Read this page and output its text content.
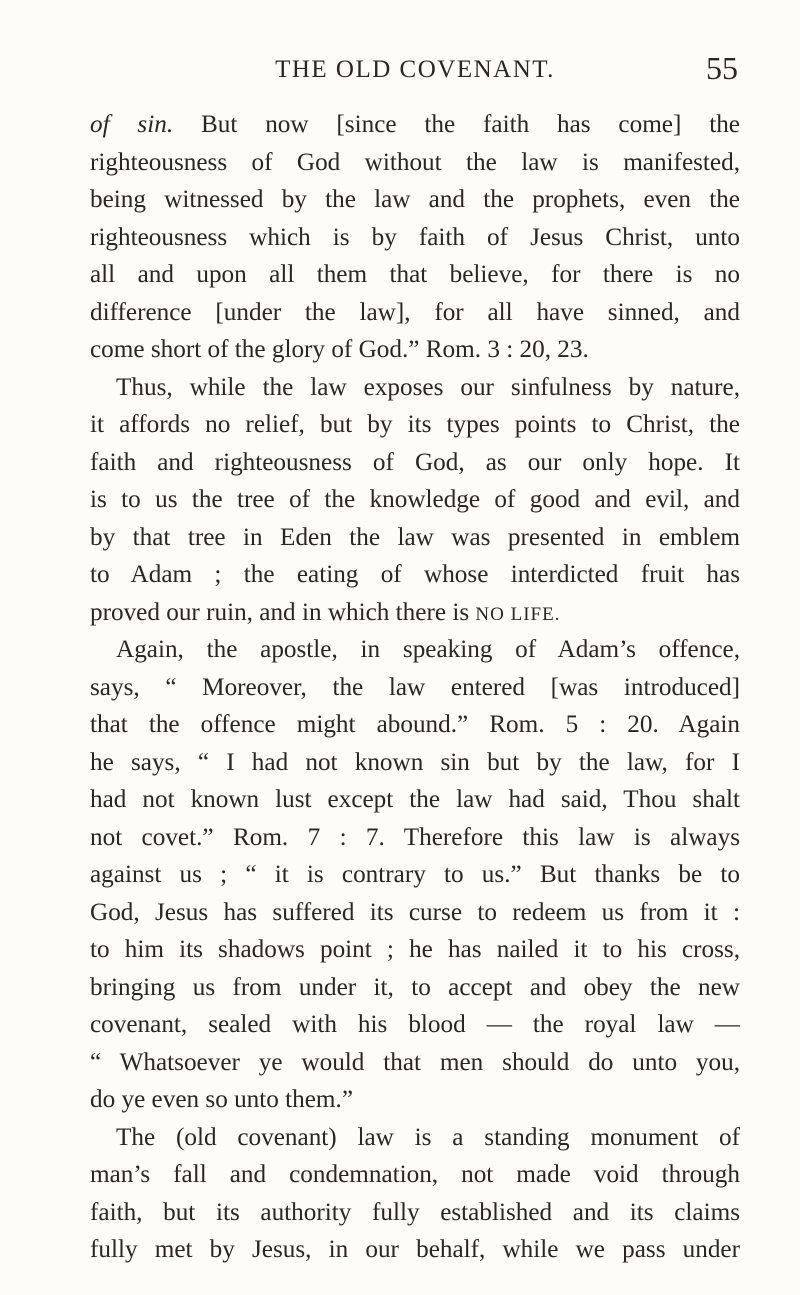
THE OLD COVENANT.	55
of sin. But now [since the faith has come] the
righteousness of God without the law is manifested,
being witnessed by the law and the prophets, even the
righteousness which is by faith of Jesus Christ, unto
all and upon all them that believe, for there is no
difference [under the law], for all have sinned, and
come short of the glory of God.” Rom. 3 : 20, 23.
Thus, while the law exposes our sinfulness by nature,
it affords no relief, but by its types points to Christ, the
faith and righteousness of God, as our only hope. It
is to us the tree of the knowledge of good and evil, and
by that tree in Eden the law was presented in emblem
to Adam ; the eating of whose interdicted fruit has
proved our ruin, and in which there is NO LIFE.
Again, the apostle, in speaking of Adam’s offence,
says, “ Moreover, the law entered [was introduced]
that the offence might abound.” Rom. 5 : 20. Again
he says, “ I had not known sin but by the law, for I
had not known lust except the law had said, Thou shalt
not covet.” Rom. 7 : 7. Therefore this law is always
against us ; “ it is contrary to us.” But thanks be to
God, Jesus has suffered its curse to redeem us from it :
to him its shadows point ; he has nailed it to his cross,
bringing us from under it, to accept and obey the new
covenant, sealed with his blood — the royal law —
“ Whatsoever ye would that men should do unto you,
do ye even so unto them.”
The (old covenant) law is a standing monument of
man’s fall and condemnation, not made void through
faith, but its authority fully established and its claims
fully met by Jesus, in our behalf, while we pass under
